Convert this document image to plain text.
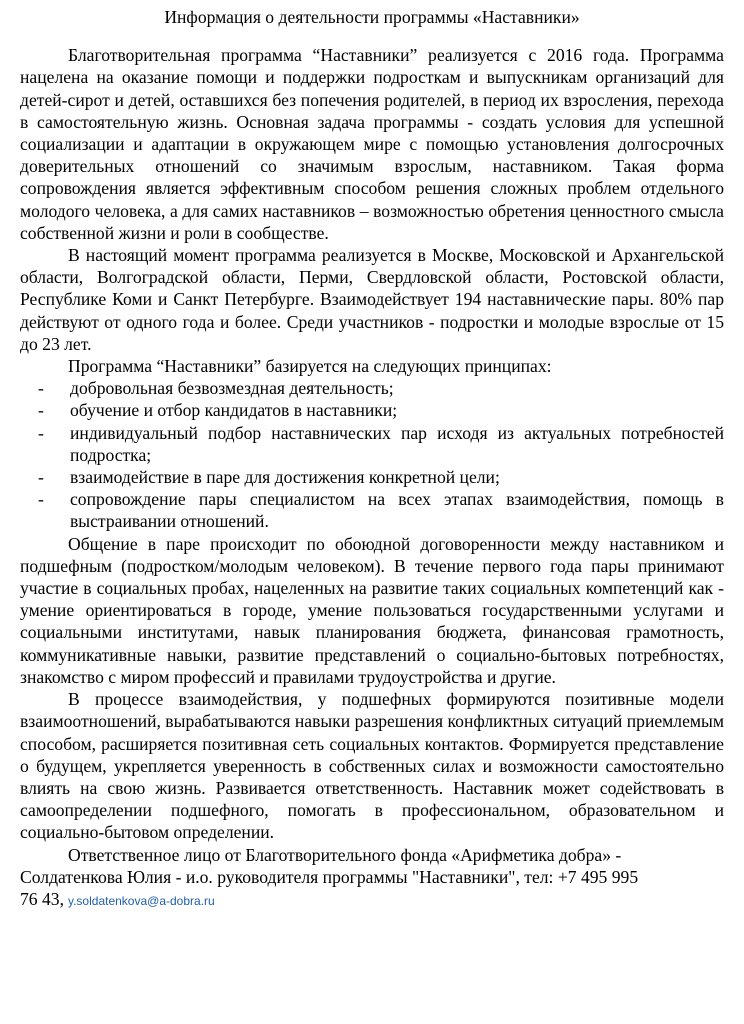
Информация о деятельности программы «Наставники»

Благотворительная программа “Наставники” реализуется с 2016 года. Программа нацелена на оказание помощи и поддержки подросткам и выпускникам организаций для детей-сирот и детей, оставшихся без попечения родителей, в период их взросления, перехода в самостоятельную жизнь. Основная задача программы - создать условия для успешной социализации и адаптации в окружающем мире с помощью установления долгосрочных доверительных отношений со значимым взрослым, наставником. Такая форма сопровождения является эффективным способом решения сложных проблем отдельного молодого человека, а для самих наставников – возможностью обретения ценностного смысла собственной жизни и роли в сообществе.

В настоящий момент программа реализуется в Москве, Московской и Архангельской области, Волгоградской области, Перми, Свердловской области, Ростовской области, Республике Коми и Санкт Петербурге. Взаимодействует 194 наставнические пары. 80% пар действуют от одного года и более. Среди участников - подростки и молодые взрослые от 15 до 23 лет.

Программа “Наставники” базируется на следующих принципах:

- добровольная безвозмездная деятельность;
- обучение и отбор кандидатов в наставники;
- индивидуальный подбор наставнических пар исходя из актуальных потребностей подростка;
- взаимодействие в паре для достижения конкретной цели;
- сопровождение пары специалистом на всех этапах взаимодействия, помощь в выстраивании отношений.

Общение в паре происходит по обоюдной договоренности между наставником и подшефным (подростком/молодым человеком). В течение первого года пары принимают участие в социальных пробах, нацеленных на развитие таких социальных компетенций как - умение ориентироваться в городе, умение пользоваться государственными услугами и социальными институтами, навык планирования бюджета, финансовая грамотность, коммуникативные навыки, развитие представлений о социально-бытовых потребностях, знакомство с миром профессий и правилами трудоустройства и другие.

В процессе взаимодействия, у подшефных формируются позитивные модели взаимоотношений, вырабатываются навыки разрешения конфликтных ситуаций приемлемым способом, расширяется позитивная сеть социальных контактов. Формируется представление о будущем, укрепляется уверенность в собственных силах и возможности самостоятельно влиять на свою жизнь. Развивается ответственность. Наставник может содействовать в самоопределении подшефного, помогать в профессиональном, образовательном и социально-бытовом определении.

Ответственное лицо от Благотворительного фонда «Арифметика добра» -
Солдатенкова Юлия - и.о. руководителя программы "Наставники", тел: +7 495 995
76 43, y.soldatenkova@a-dobra.ru
